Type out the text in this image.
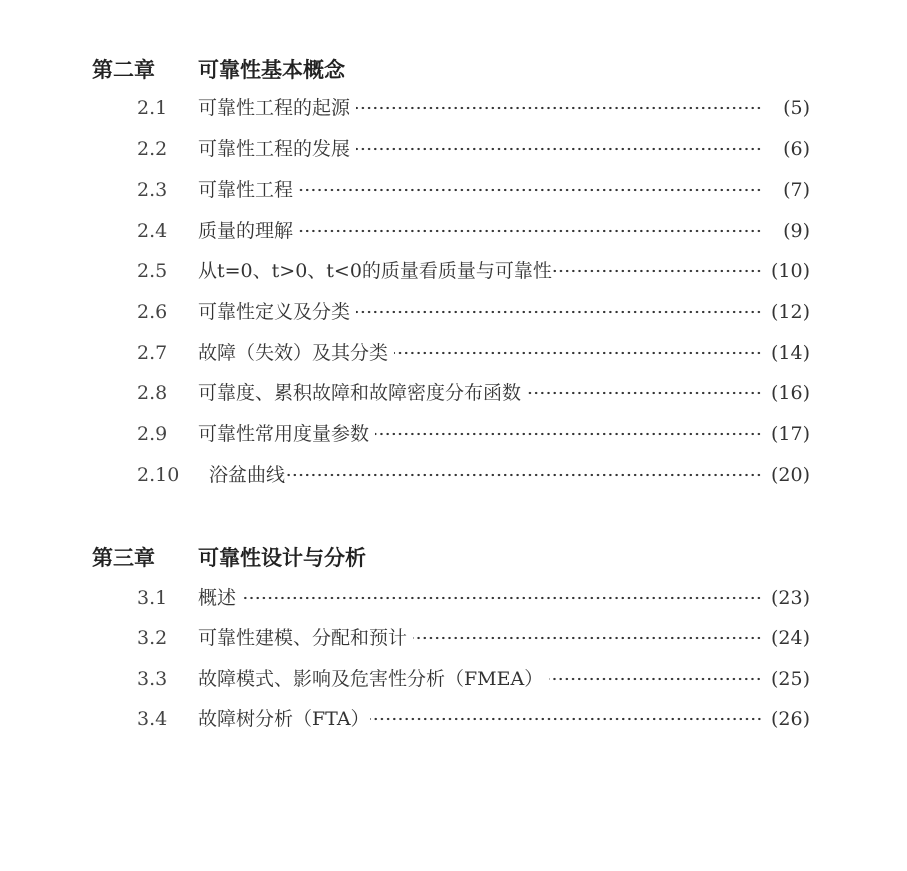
第二章 可靠性基本概念
2.1	可靠性工程的起源	(5)
2.2	可靠性工程的发展	(6)
2.3	可靠性工程	(7)
2.4	质量的理解	(9)
2.5	从t=0、t>0、t<0的质量看质量与可靠性	(10)
2.6	可靠性定义及分类	(12)
2.7	故障（失效）及其分类	(14)
2.8	可靠度、累积故障和故障密度分布函数	(16)
2.9	可靠性常用度量参数	(17)
2.10	浴盆曲线	(20)
第三章 可靠性设计与分析
3.1	概述	(23)
3.2	可靠性建模、分配和预计	(24)
3.3	故障模式、影响及危害性分析（FMEA）	(25)
3.4	故障树分析（FTA）	(26)
